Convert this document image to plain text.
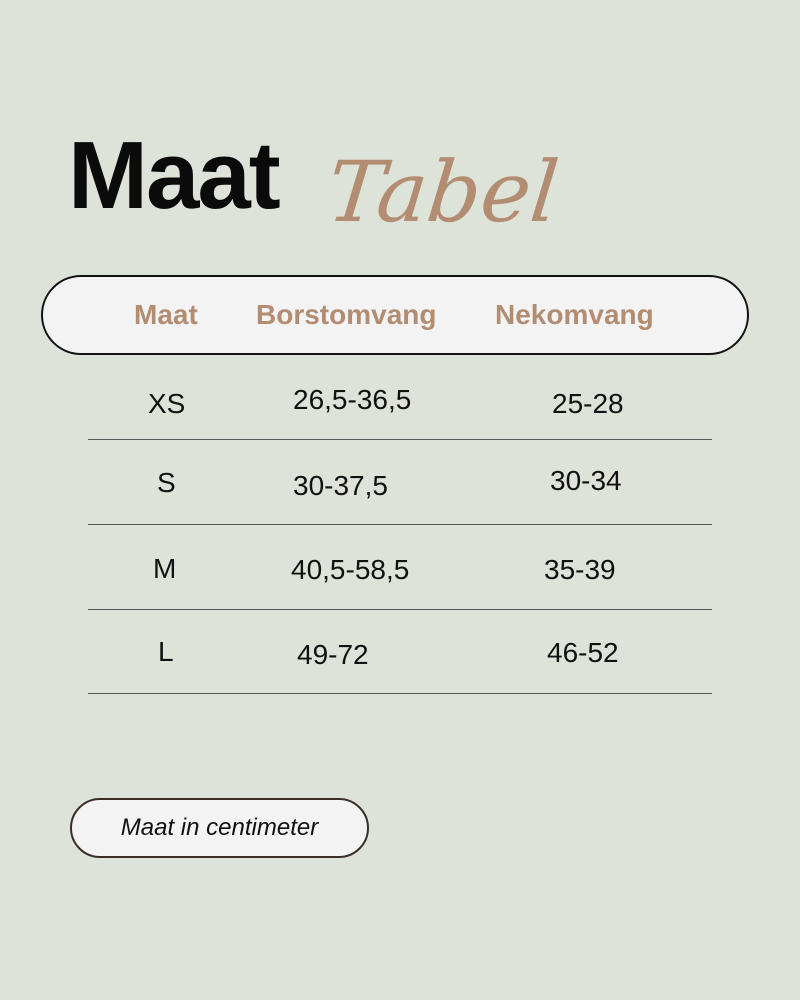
Maat Tabel
Maat Borstomvang Nekomvang
XS	26,5-36,5	25-28
S	30-37,5	30-34
M	40,5-58,5	35-39
L	49-72	46-52
Maat in centimeter
